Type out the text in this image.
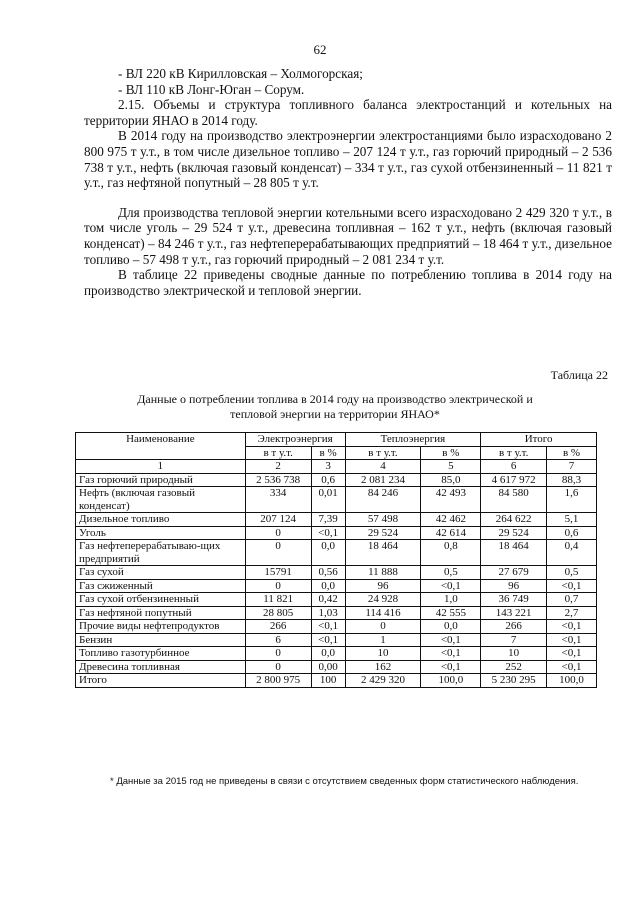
62

- ВЛ 220 кВ Кирилловская – Холмогорская;

- ВЛ 110 кВ Лонг-Юган – Сорум.

2.15. Объемы и структура топливного баланса электростанций и котельных на территории ЯНАО в 2014 году.

В 2014 году на производство электроэнергии электростанциями было израсходовано 2 800 975 т у.т., в том числе дизельное топливо – 207 124 т у.т., газ горючий природный – 2 536 738 т у.т., нефть (включая газовый конденсат) – 334 т у.т., газ сухой отбензиненный – 11 821 т у.т., газ нефтяной попутный – 28 805 т у.т.

Для производства тепловой энергии котельными всего израсходовано 2 429 320 т у.т., в том числе уголь – 29 524 т у.т., древесина топливная – 162 т у.т., нефть (включая газовый конденсат) – 84 246 т у.т., газ нефтеперерабатывающих предприятий – 18 464 т у.т., дизельное топливо – 57 498 т у.т., газ горючий природный – 2 081 234 т у.т.

В таблице 22 приведены сводные данные по потреблению топлива в 2014 году на производство электрической и тепловой энергии.

Таблица 22
Данные о потреблении топлива в 2014 году на производство электрической и тепловой энергии на территории ЯНАО*
Наименование	Электроэнергия		Теплоэнергия		Итого	
	в т у.т.	в %	в т у.т.	в %	в т у.т.	в %
1	2	3	4	5	6	7
Газ горючий природный	2 536 738	0,6	2 081 234	85,0	4 617 972	88,3
Нефть (включая газовый конденсат)	334	0,01	84 246	42 493	84 580	1,6
Дизельное топливо	207 124	7,39	57 498	42 462	264 622	5,1
Уголь	0	<0,1	29 524	42 614	29 524	0,6
Газ нефтеперерабатываю-щих предприятий	0	0,0	18 464	0,8	18 464	0,4
Газ сухой	15791	0,56	11 888	0,5	27 679	0,5
Газ сжиженный	0	0,0	96	<0,1	96	<0,1
Газ сухой отбензиненный	11 821	0,42	24 928	1,0	36 749	0,7
Газ нефтяной попутный	28 805	1,03	114 416	42 555	143 221	2,7
Прочие виды нефтепродуктов	266	<0,1	0	0,0	266	<0,1
Бензин	6	<0,1	1	<0,1	7	<0,1
Топливо газотурбинное	0	0,0	10	<0,1	10	<0,1
Древесина топливная	0	0,00	162	<0,1	252	<0,1
Итого	2 800 975	100	2 429 320	100,0	5 230 295	100,0
* Данные за 2015 год не приведены в связи с отсутствием сведенных форм статистического наблюдения.
